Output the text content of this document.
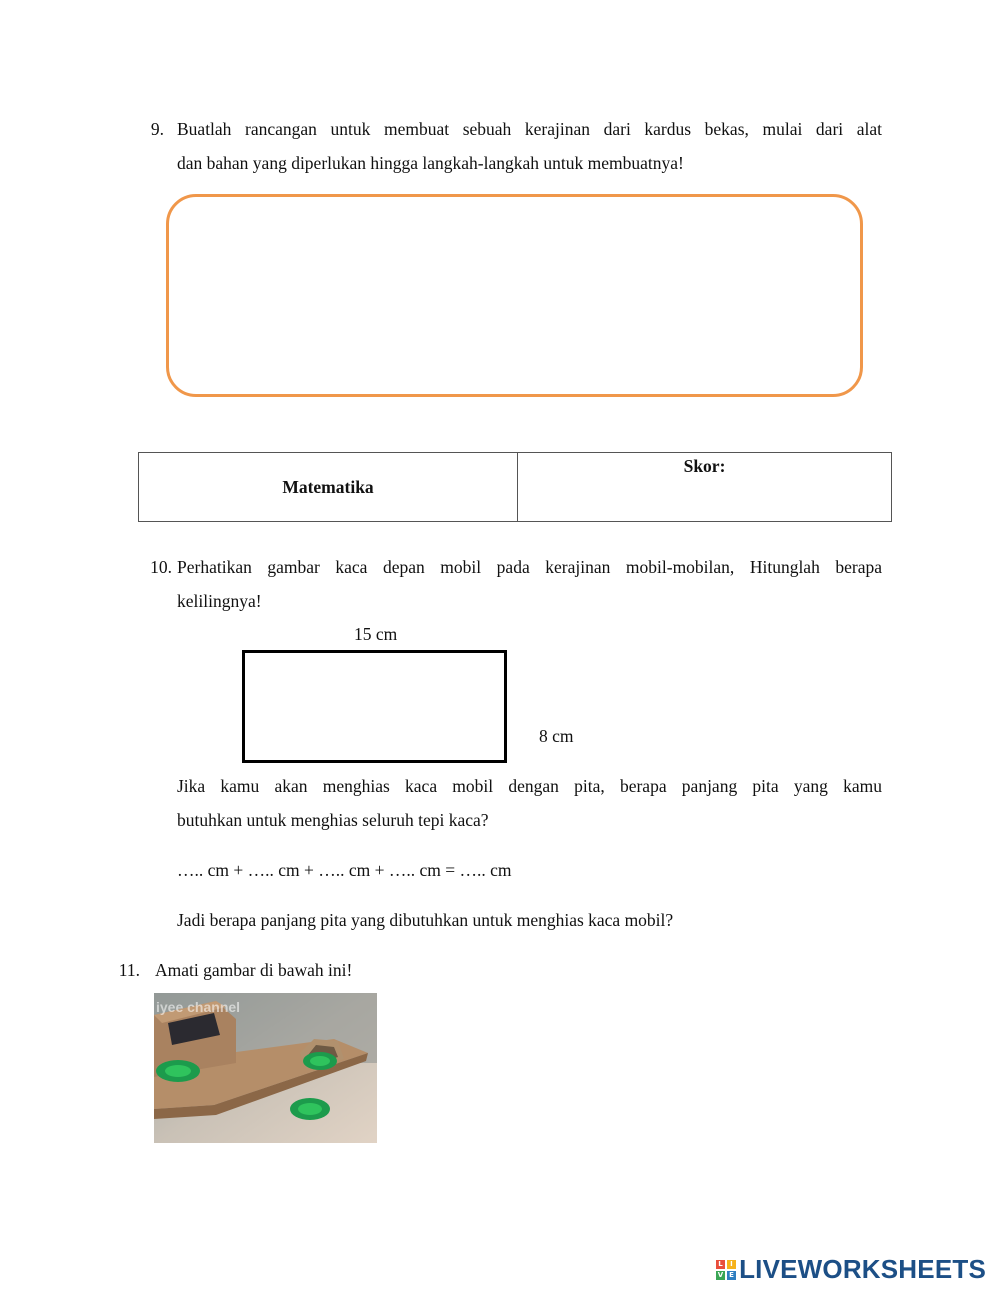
9. Buatlah rancangan untuk membuat sebuah kerajinan dari kardus bekas, mulai dari alat
dan bahan yang diperlukan hingga langkah-langkah untuk membuatnya!
Matematika
Skor:
10. Perhatikan gambar kaca depan mobil pada kerajinan mobil-mobilan, Hitunglah berapa
kelilingnya!
15 cm
8 cm
Jika kamu akan menghias kaca mobil dengan pita, berapa panjang pita yang kamu
butuhkan untuk menghias seluruh tepi kaca?
….. cm + ….. cm + ….. cm + ….. cm = ….. cm
Jadi berapa panjang pita yang dibutuhkan untuk menghias kaca mobil?
11. Amati gambar di bawah ini!
iyee channel
L	I
V E LIVEWORKSHEETS
